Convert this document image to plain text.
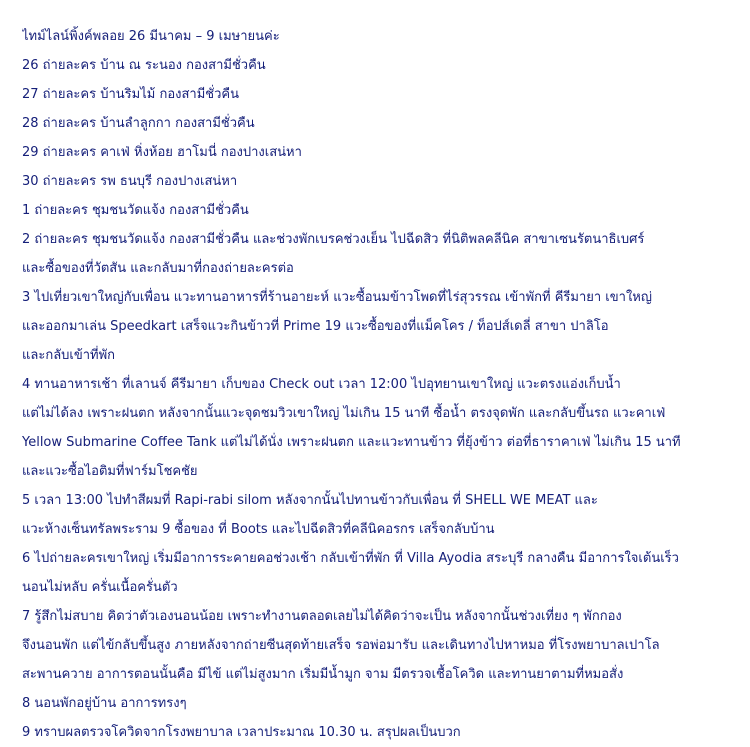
ไทม์ไลน์พิ้งค์พลอย 26 มีนาคม – 9 เมษายนค่ะ
26 ถ่ายละคร บ้าน ณ ระนอง กองสามีชั่วคืน
27 ถ่ายละคร บ้านริมไม้ กองสามีชั่วคืน
28 ถ่ายละคร บ้านลำลูกกา กองสามีชั่วคืน
29 ถ่ายละคร คาเฟ่ หิ่งห้อย ฮาโมนี่ กองปางเสน่หา
30 ถ่ายละคร รพ ธนบุรี กองปางเสน่หา
1 ถ่ายละคร ชุมชนวัดแจ้ง กองสามีชั่วคืน
2 ถ่ายละคร ชุมชนวัดแจ้ง กองสามีชั่วคืน และช่วงพักเบรคช่วงเย็น ไปฉีดสิว ที่นิติพลคลีนิค สาขาเซนรัตนาธิเบศร์
และซื้อของที่วัตสัน และกลับมาที่กองถ่ายละครต่อ
3 ไปเที่ยวเขาใหญ่กับเพื่อน แวะทานอาหารที่ร้านอายะห์ แวะซื้อนมข้าวโพดที่ไร่สุวรรณ เข้าพักที่ คีรีมายา เขาใหญ่
และออกมาเล่น Speedkart เสร็จแวะกินข้าวที่ Prime 19 แวะซื้อของที่แม็คโคร / ท็อปส์เดลี่ สาขา ปาลิโอ
และกลับเข้าที่พัก
4 ทานอาหารเช้า ที่เลานจ์ คีรีมายา เก็บของ Check out เวลา 12:00 ไปอุทยานเขาใหญ่ แวะตรงแอ่งเก็บน้ำ
แต่ไม่ได้ลง เพราะฝนตก หลังจากนั้นแวะจุดชมวิวเขาใหญ่ ไม่เกิน 15 นาที ซื้อน้ำ ตรงจุดพัก และกลับขึ้นรถ แวะคาเฟ่
Yellow Submarine Coffee Tank แต่ไม่ได้นั่ง เพราะฝนตก และแวะทานข้าว ที่ยุ้งข้าว ต่อที่ธาราคาเฟ่ ไม่เกิน 15 นาที
และแวะซื้อไอติมที่ฟาร์มโชคชัย
5 เวลา 13:00 ไปทำสีผมที่ Rapi-rabi silom หลังจากนั้นไปทานข้าวกับเพื่อน ที่ SHELL WE MEAT และ
แวะห้างเซ็นทรัลพระราม 9 ซื้อของ ที่ Boots และไปฉีดสิวที่คลีนิคอรกร เสร็จกลับบ้าน
6 ไปถ่ายละครเขาใหญ่ เริ่มมีอาการระคายคอช่วงเช้า กลับเข้าที่พัก ที่ Villa Ayodia สระบุรี กลางคืน มีอาการใจเต้นเร็ว
นอนไม่หลับ ครั่นเนื้อครั่นตัว
7 รู้สึกไม่สบาย คิดว่าตัวเองนอนน้อย เพราะทำงานตลอดเลยไม่ได้คิดว่าจะเป็น หลังจากนั้นช่วงเที่ยง ๆ พักกอง
จึงนอนพัก แต่ไข้กลับขึ้นสูง ภายหลังจากถ่ายซีนสุดท้ายเสร็จ รอพ่อมารับ และเดินทางไปหาหมอ ที่โรงพยาบาลเปาโล
สะพานควาย อาการตอนนั้นคือ มีไข้ แต่ไม่สูงมาก เริ่มมีน้ำมูก จาม มีตรวจเชื้อโควิด และทานยาตามที่หมอสั่ง
8 นอนพักอยู่บ้าน อาการทรงๆ
9 ทราบผลตรวจโควิดจากโรงพยาบาล เวลาประมาณ 10.30 น. สรุปผลเป็นบวก
